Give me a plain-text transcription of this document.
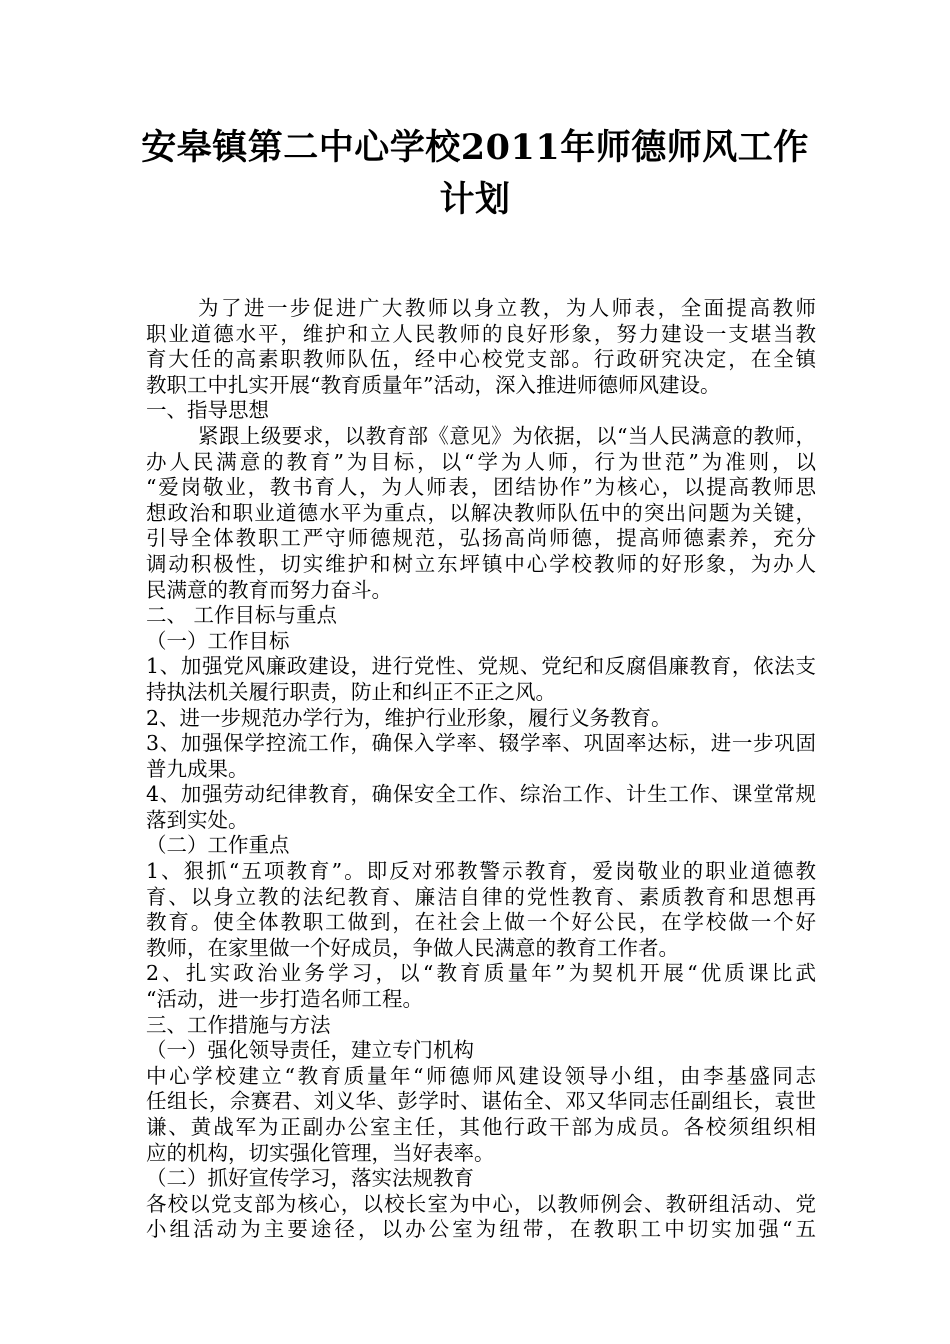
安皋镇第二中心学校2011年师德师风工作
计划
为了进一步促进广大教师以身立教，为人师表，全面提高教师
职业道德水平，维护和立人民教师的良好形象，努力建设一支堪当教
育大任的高素职教师队伍，经中心校党支部。行政研究决定，在全镇
教职工中扎实开展“教育质量年”活动，深入推进师德师风建设。
一、指导思想
紧跟上级要求，以教育部《意见》为依据，以“当人民满意的教师，
办人民满意的教育”为目标，以“学为人师，行为世范”为准则，以
“爱岗敬业，教书育人，为人师表，团结协作”为核心，以提高教师思
想政治和职业道德水平为重点，以解决教师队伍中的突出问题为关键，
引导全体教职工严守师德规范，弘扬高尚师德，提高师德素养，充分
调动积极性，切实维护和树立东坪镇中心学校教师的好形象，为办人
民满意的教育而努力奋斗。
二、 工作目标与重点
（一）工作目标
1、加强党风廉政建设，进行党性、党规、党纪和反腐倡廉教育，依法支
持执法机关履行职责，防止和纠正不正之风。
2、进一步规范办学行为，维护行业形象，履行义务教育。
3、加强保学控流工作，确保入学率、辍学率、巩固率达标，进一步巩固
普九成果。
4、加强劳动纪律教育，确保安全工作、综治工作、计生工作、课堂常规
落到实处。
（二）工作重点
1、狠抓“五项教育”。即反对邪教警示教育，爱岗敬业的职业道德教
育、以身立教的法纪教育、廉洁自律的党性教育、素质教育和思想再
教育。使全体教职工做到，在社会上做一个好公民，在学校做一个好
教师，在家里做一个好成员，争做人民满意的教育工作者。
2、扎实政治业务学习，以“教育质量年”为契机开展“优质课比武
“活动，进一步打造名师工程。
三、工作措施与方法
（一）强化领导责任，建立专门机构
中心学校建立“教育质量年“师德师风建设领导小组，由李基盛同志
任组长，佘赛君、刘义华、彭学时、谌佑全、邓又华同志任副组长，袁世
谦、黄战军为正副办公室主任，其他行政干部为成员。各校须组织相
应的机构，切实强化管理，当好表率。
（二）抓好宣传学习，落实法规教育
各校以党支部为核心，以校长室为中心，以教师例会、教研组活动、党
小组活动为主要途径，以办公室为纽带，在教职工中切实加强“五
